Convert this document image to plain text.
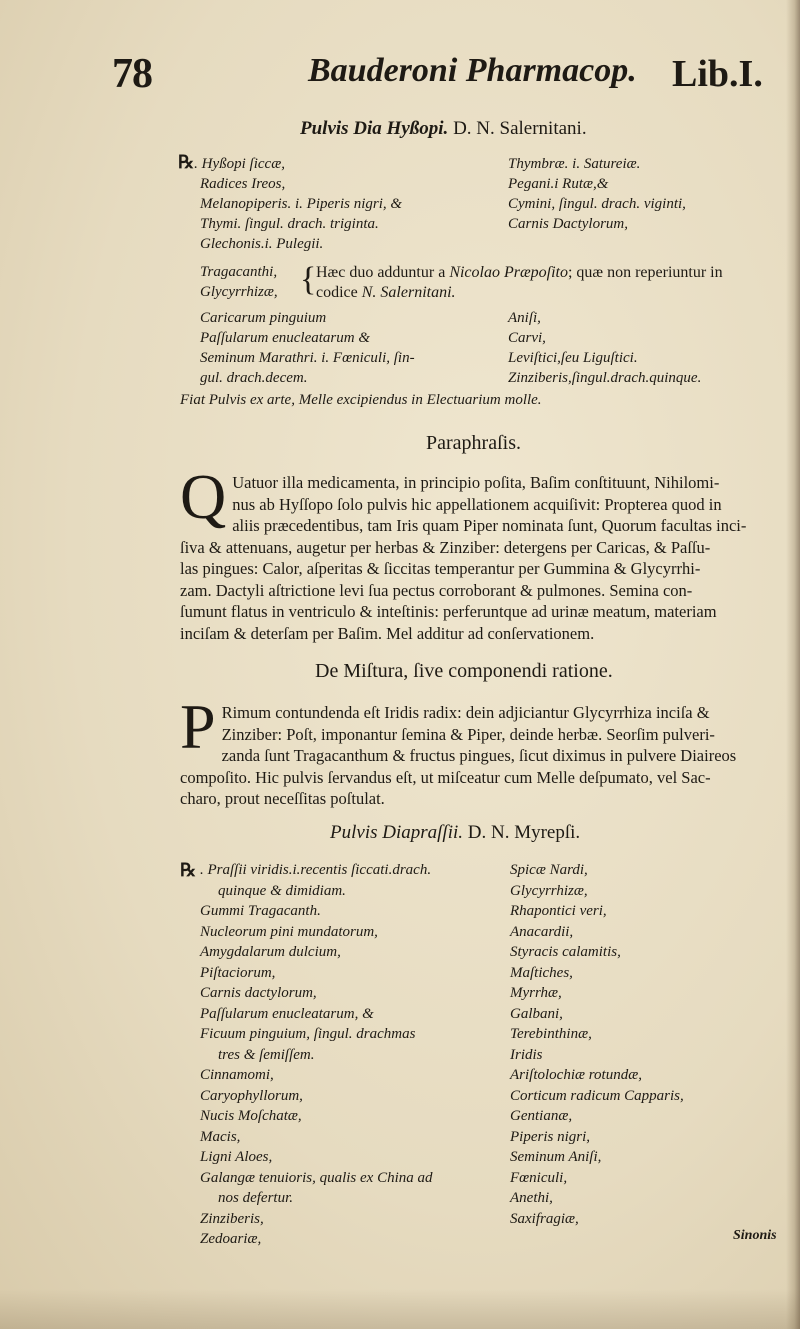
78	Bauderoni Pharmacop. Lib.I.
Pulvis Dia Hyßopi. D. N. Salernitani.
℞. Hyßopi ſiccæ,
Radices Ireos,
Melanopiperis. i. Piperis nigri, &
Thymi. ſingul. drach. triginta.
Glechonis.i. Pulegii.
Thymbræ. i. Satureiæ.
Pegani.i Rutæ,&
Cymini, ſingul. drach. viginti,
Carnis Dactylorum,
Tragacanthi,
Glycyrrhizæ, { Hæc duo adduntur a Nicolao Præpoſito; quæ non reperiuntur in
codice N. Salernitani.
Caricarum pinguium
Paſſularum enucleatarum &
Seminum Marathri. i. Fœniculi, ſin-
gul. drach.decem.
Aniſi,
Carvi,
Leviſtici,ſeu Liguſtici.
Zinziberis,ſingul.drach.quinque.
Fiat Pulvis ex arte, Melle excipiendus in Electuarium molle.
Paraphraſis.
Q Uatuor illa medicamenta, in principio poſita, Baſim conſtituunt, Nihilomi-
nus ab Hyſſopo ſolo pulvis hic appellationem acquiſivit: Propterea quod in
aliis præcedentibus, tam Iris quam Piper nominata ſunt, Quorum facultas inci-
ſiva & attenuans, augetur per herbas & Zinziber: detergens per Caricas, & Paſſu-
las pingues: Calor, aſperitas & ſiccitas temperantur per Gummina & Glycyrrhi-
zam. Dactyli aſtrictione levi ſua pectus corroborant & pulmones. Semina con-
ſumunt flatus in ventriculo & inteſtinis: perferuntque ad urinæ meatum, materiam
inciſam & deterſam per Baſim. Mel additur ad conſervationem.
De Miſtura, ſive componendi ratione.
P Rimum contundenda eſt Iridis radix: dein adjiciantur Glycyrrhiza inciſa &
Zinziber: Poſt, imponantur ſemina & Piper, deinde herbæ. Seorſim pulveri-
zanda ſunt Tragacanthum & fructus pingues, ſicut diximus in pulvere Diaireos
compoſito. Hic pulvis ſervandus eſt, ut miſceatur cum Melle deſpumato, vel Sac-
charo, prout neceſſitas poſtulat.
Pulvis Diapraſſii. D. N. Myrepſi.
℞ . Praſſii viridis.i.recentis ſiccati.drach.
quinque & dimidiam.
Gummi Tragacanth.
Nucleorum pini mundatorum,
Amygdalarum dulcium,
Piſtaciorum,
Carnis dactylorum,
Paſſularum enucleatarum, &
Ficuum pinguium, ſingul. drachmas
tres & ſemiſſem.
Cinnamomi,
Caryophyllorum,
Nucis Moſchatæ,
Macis,
Ligni Aloes,
Galangæ tenuioris, qualis ex China ad
nos defertur.
Zinziberis,
Zedoariæ,
Spicæ Nardi,
Glycyrrhizæ,
Rhapontici veri,
Anacardii,
Styracis calamitis,
Maſtiches,
Myrrhæ,
Galbani,
Terebinthinæ,
Iridis
Ariſtolochiæ rotundæ,
Corticum radicum Capparis,
Gentianæ,
Piperis nigri,
Seminum Aniſi,
Fœniculi,
Anethi,
Saxifragiæ,
Sinonis
